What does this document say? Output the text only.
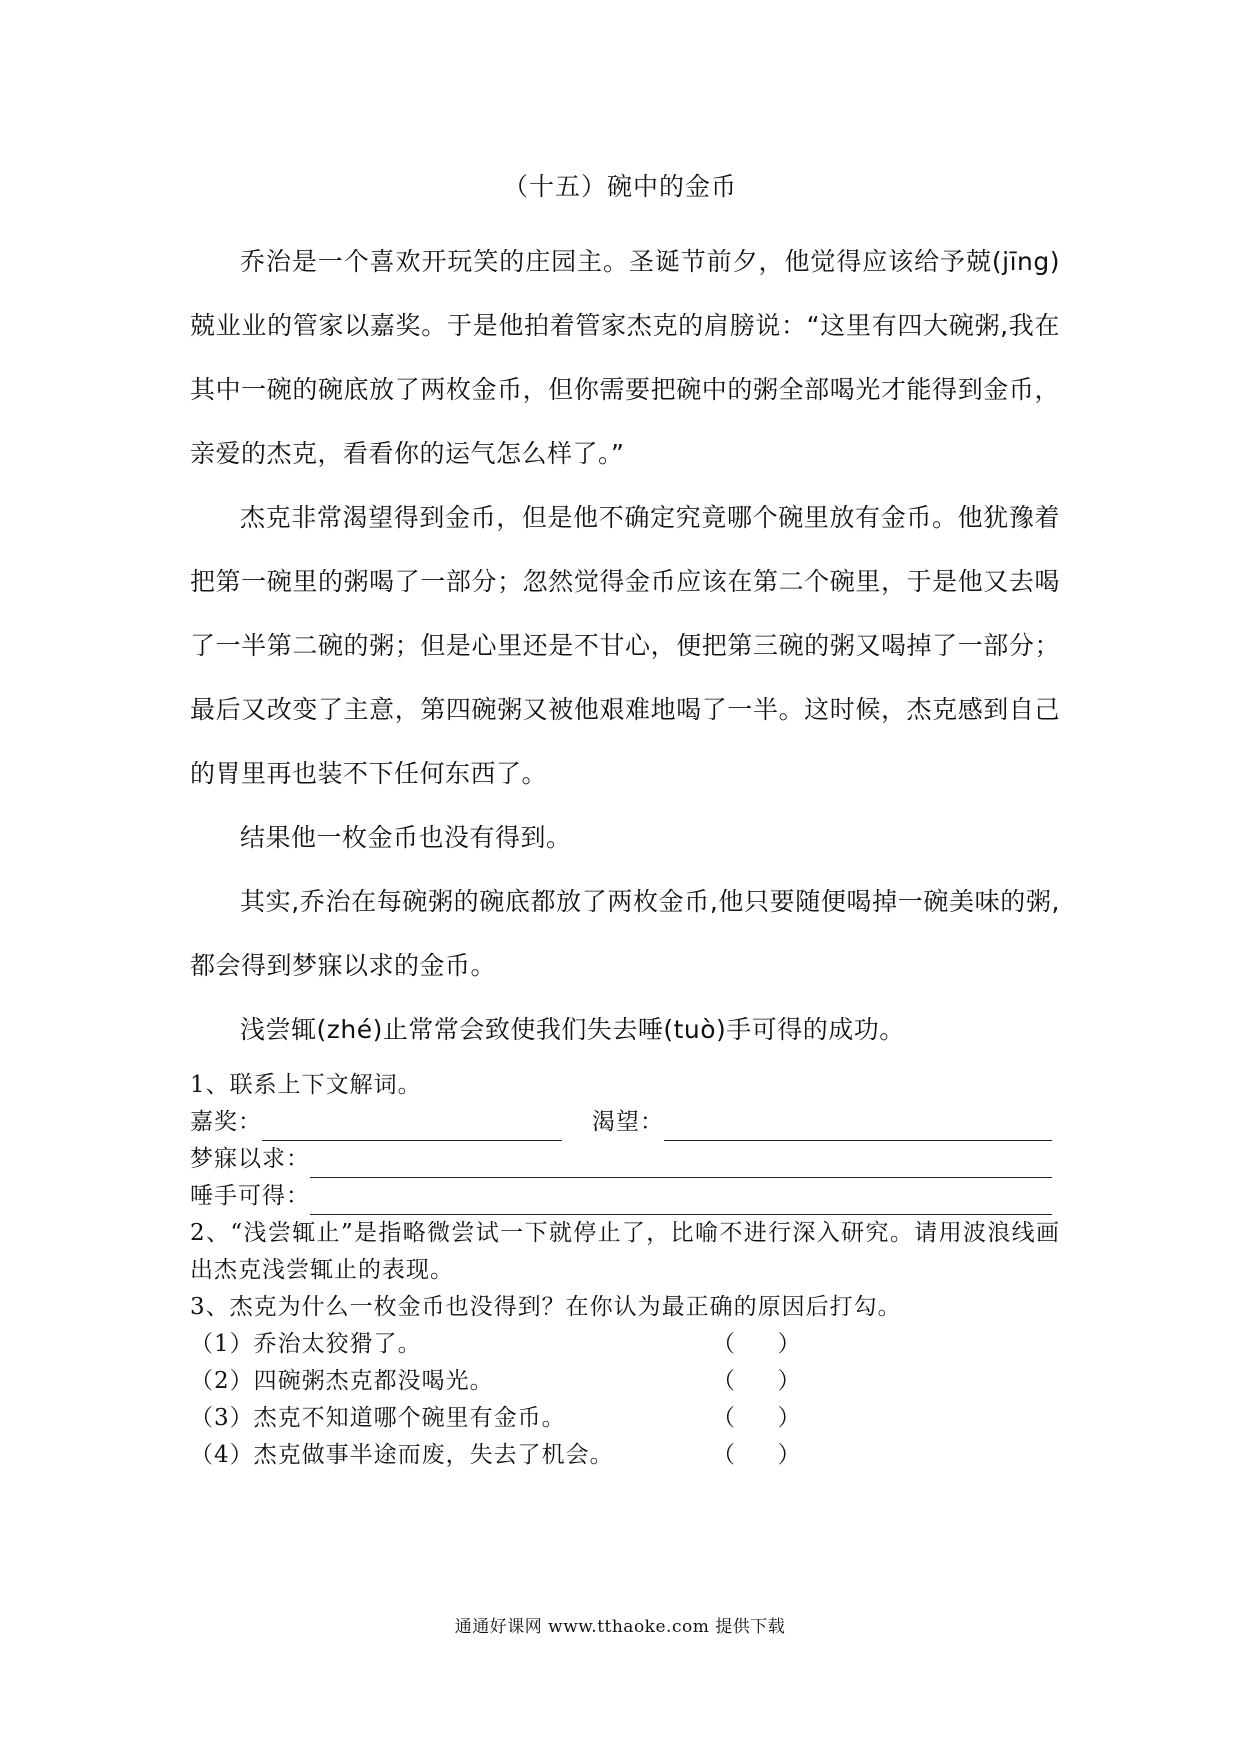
（十五）碗中的金币

乔治是一个喜欢开玩笑的庄园主。圣诞节前夕，他觉得应该给予兢(jīng)兢业业的管家以嘉奖。于是他拍着管家杰克的肩膀说：“这里有四大碗粥,我在其中一碗的碗底放了两枚金币，但你需要把碗中的粥全部喝光才能得到金币，亲爱的杰克，看看你的运气怎么样了。”

杰克非常渴望得到金币，但是他不确定究竟哪个碗里放有金币。他犹豫着把第一碗里的粥喝了一部分；忽然觉得金币应该在第二个碗里，于是他又去喝了一半第二碗的粥；但是心里还是不甘心，便把第三碗的粥又喝掉了一部分；最后又改变了主意，第四碗粥又被他艰难地喝了一半。这时候，杰克感到自己的胃里再也装不下任何东西了。

结果他一枚金币也没有得到。

其实,乔治在每碗粥的碗底都放了两枚金币,他只要随便喝掉一碗美味的粥,都会得到梦寐以求的金币。

浅尝辄(zhé)止常常会致使我们失去唾(tuò)手可得的成功。

1、联系上下文解词。
嘉奖：	渴望：
梦寐以求：
唾手可得：
2、“浅尝辄止”是指略微尝试一下就停止了，比喻不进行深入研究。请用波浪线画出杰克浅尝辄止的表现。
3、杰克为什么一枚金币也没得到？在你认为最正确的原因后打勾。
（1）乔治太狡猾了。	（     ）
（2）四碗粥杰克都没喝光。	（     ）
（3）杰克不知道哪个碗里有金币。	（     ）
（4）杰克做事半途而废，失去了机会。	（     ）
通通好课网 www.tthaoke.com 提供下载
